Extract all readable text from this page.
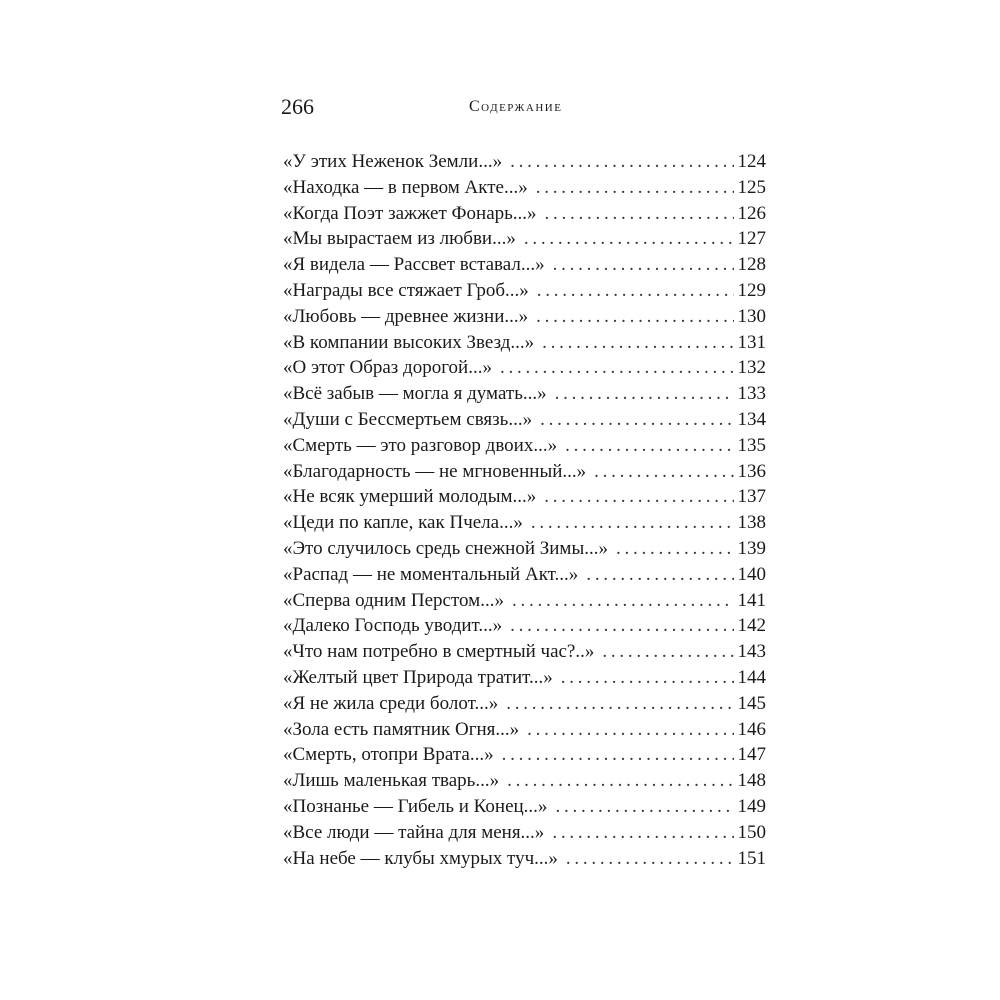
266	Содержание
«У этих Неженок Земли...» . . .	124
«Находка — в первом Акте...» . . .	125
«Когда Поэт зажжет Фонарь...» . . .	126
«Мы вырастаем из любви...» . . .	127
«Я видела — Рассвет вставал...» . . .	128
«Награды все стяжает Гроб...» . . .	129
«Любовь — древнее жизни...» . . .	130
«В компании высоких Звезд...» . . .	131
«О этот Образ дорогой...» . . .	132
«Всё забыв — могла я думать...» . . .	133
«Души с Бессмертьем связь...» . . .	134
«Смерть — это разговор двоих...» . . .	135
«Благодарность — не мгновенный...» . . .	136
«Не всяк умерший молодым...» . . .	137
«Цеди по капле, как Пчела...» . . .	138
«Это случилось средь снежной Зимы...» . . .	139
«Распад — не моментальный Акт...» . . .	140
«Сперва одним Перстом...» . . .	141
«Далеко Господь уводит...» . . .	142
«Что нам потребно в смертный час?..» . . .	143
«Желтый цвет Природа тратит...» . . .	144
«Я не жила среди болот...» . . .	145
«Зола есть памятник Огня...» . . .	146
«Смерть, отопри Врата...» . . .	147
«Лишь маленькая тварь...» . . .	148
«Познанье — Гибель и Конец...» . . .	149
«Все люди — тайна для меня...» . . .	150
«На небе — клубы хмурых туч...» . . .	151
